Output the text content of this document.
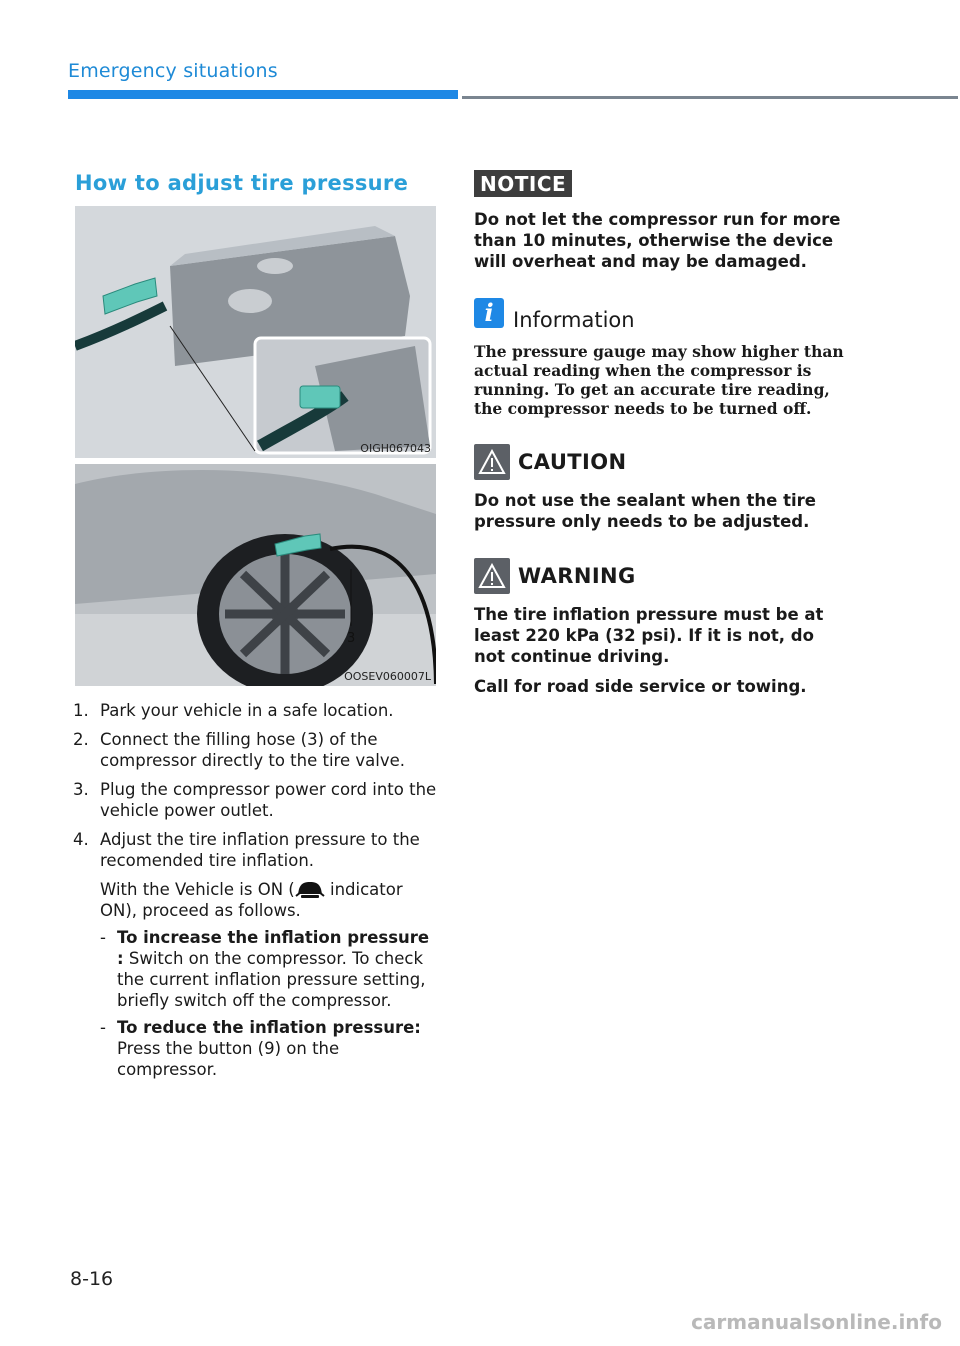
Emergency situations
How to adjust tire pressure
OIGH067043
3
OOSEV060007L
1. Park your vehicle in a safe location.
2. Connect the filling hose (3) of the compressor directly to the tire valve.
3. Plug the compressor power cord into the vehicle power outlet.
4. Adjust the tire inflation pressure to the recomended tire inflation.
With the Vehicle is ON ( indicator ON), proceed as follows.
- To increase the inflation pressure : Switch on the compressor. To check the current inflation pressure setting, briefly switch off the compressor.
- To reduce the inflation pressure: Press the button (9) on the compressor.
NOTICE
Do not let the compressor run for more than 10 minutes, otherwise the device will overheat and may be damaged.
i Information
The pressure gauge may show higher than actual reading when the compressor is running. To get an accurate tire reading, the compressor needs to be turned off.
CAUTION
Do not use the sealant when the tire pressure only needs to be adjusted.
WARNING
The tire inflation pressure must be at least 220 kPa (32 psi). If it is not, do not continue driving.
Call for road side service or towing.
8-16
carmanualsonline.info
